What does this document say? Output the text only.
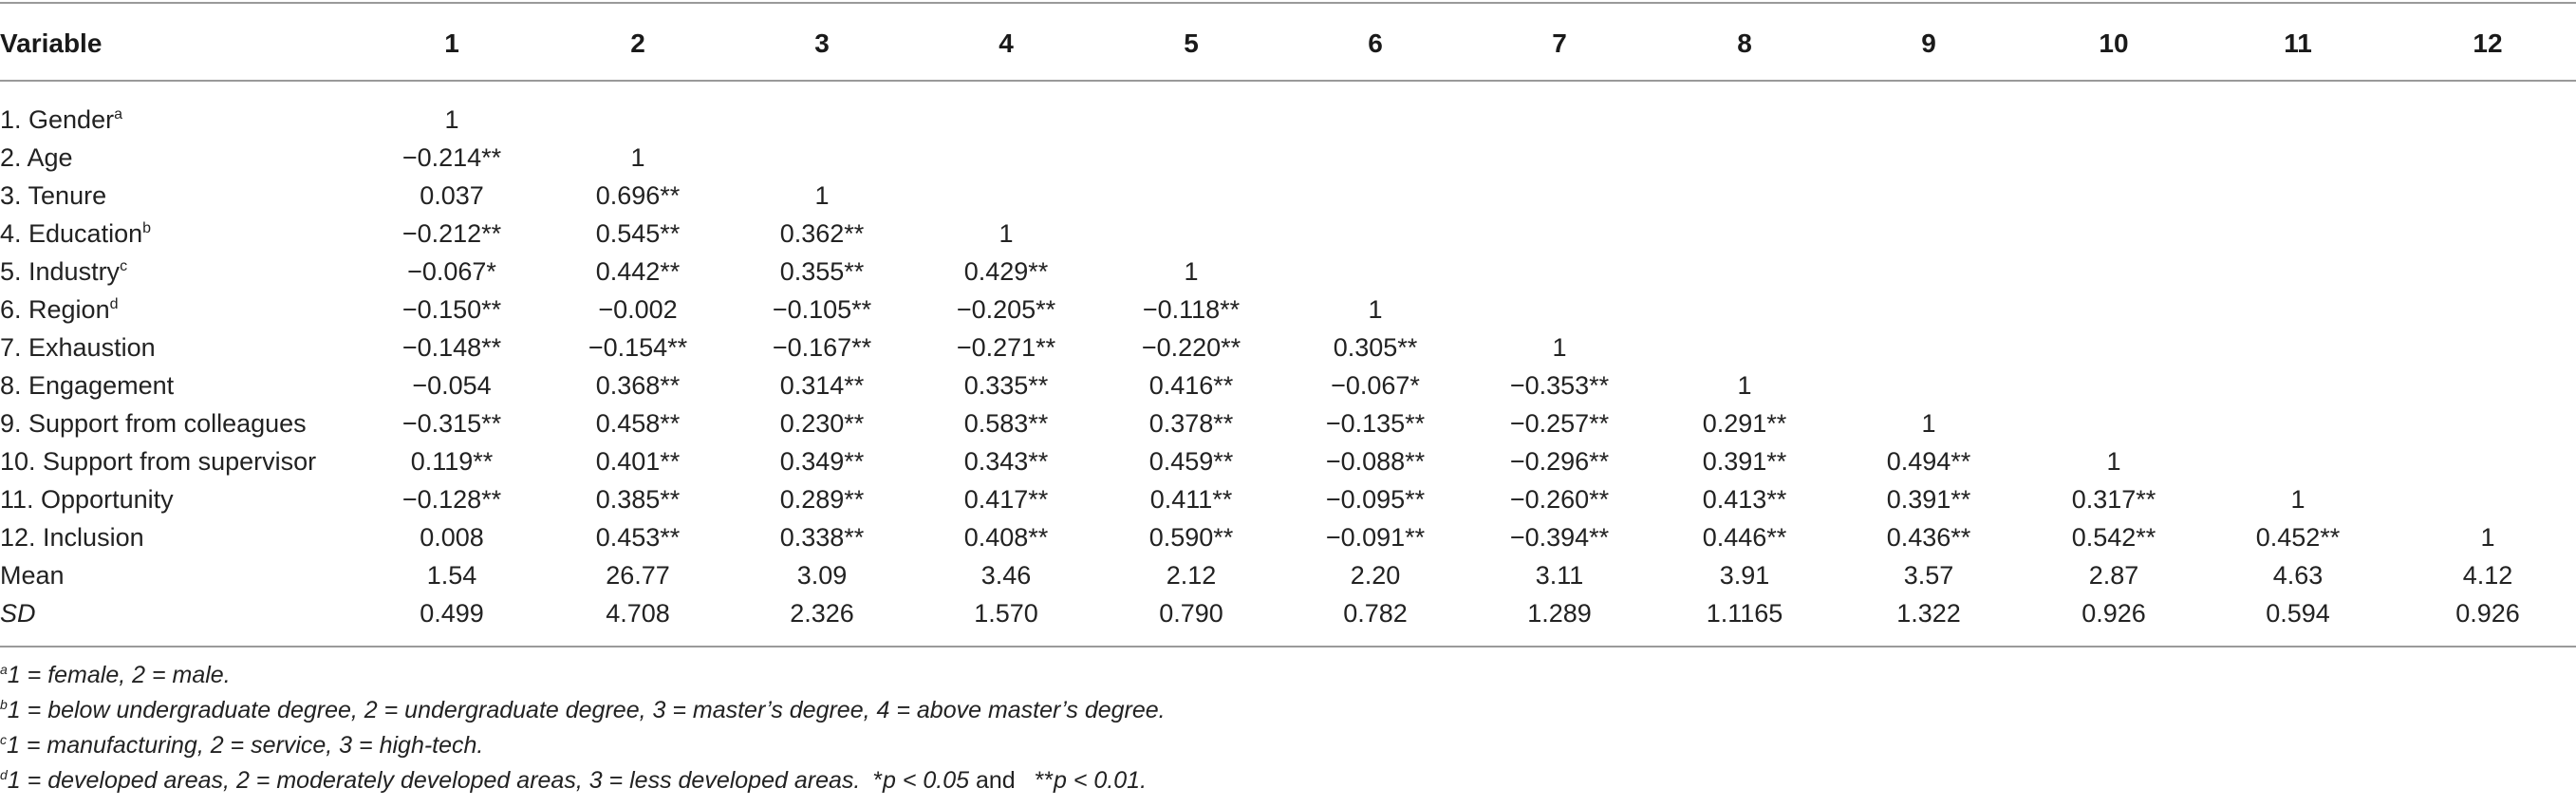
Variable	1	2	3	4	5	6	7	8	9	10	11	12
1. Gender$^a$	1
2. Age	−0.214**	1
3. Tenure	0.037	0.696**	1
4. Education$^b$	−0.212**	0.545**	0.362**	1
5. Industry$^c$	−0.067*	0.442**	0.355**	0.429**	1
6. Region$^d$	−0.150**	−0.002	−0.105**	−0.205**	−0.118**	1
7. Exhaustion	−0.148**	−0.154**	−0.167**	−0.271**	−0.220**	0.305**	1
8. Engagement	−0.054	0.368**	0.314**	0.335**	0.416**	−0.067*	−0.353**	1
9. Support from colleagues	−0.315**	0.458**	0.230**	0.583**	0.378**	−0.135**	−0.257**	0.291**	1
10. Support from supervisor	0.119**	0.401**	0.349**	0.343**	0.459**	−0.088**	−0.296**	0.391**	0.494**	1
11. Opportunity	−0.128**	0.385**	0.289**	0.417**	0.411**	−0.095**	−0.260**	0.413**	0.391**	0.317**	1
12. Inclusion	0.008	0.453**	0.338**	0.408**	0.590**	−0.091**	−0.394**	0.446**	0.436**	0.542**	0.452**	1
Mean	1.54	26.77	3.09	3.46	2.12	2.20	3.11	3.91	3.57	2.87	4.63	4.12
SD	0.499	4.708	2.326	1.570	0.790	0.782	1.289	1.1165	1.322	0.926	0.594	0.926
$^a$1 = female, 2 = male.
$^b$1 = below undergraduate degree, 2 = undergraduate degree, 3 = master’s degree, 4 = above master’s degree.
$^c$1 = manufacturing, 2 = service, 3 = high-tech.
$^d$1 = developed areas, 2 = moderately developed areas, 3 = less developed areas. *p < 0.05 and **p < 0.01.
